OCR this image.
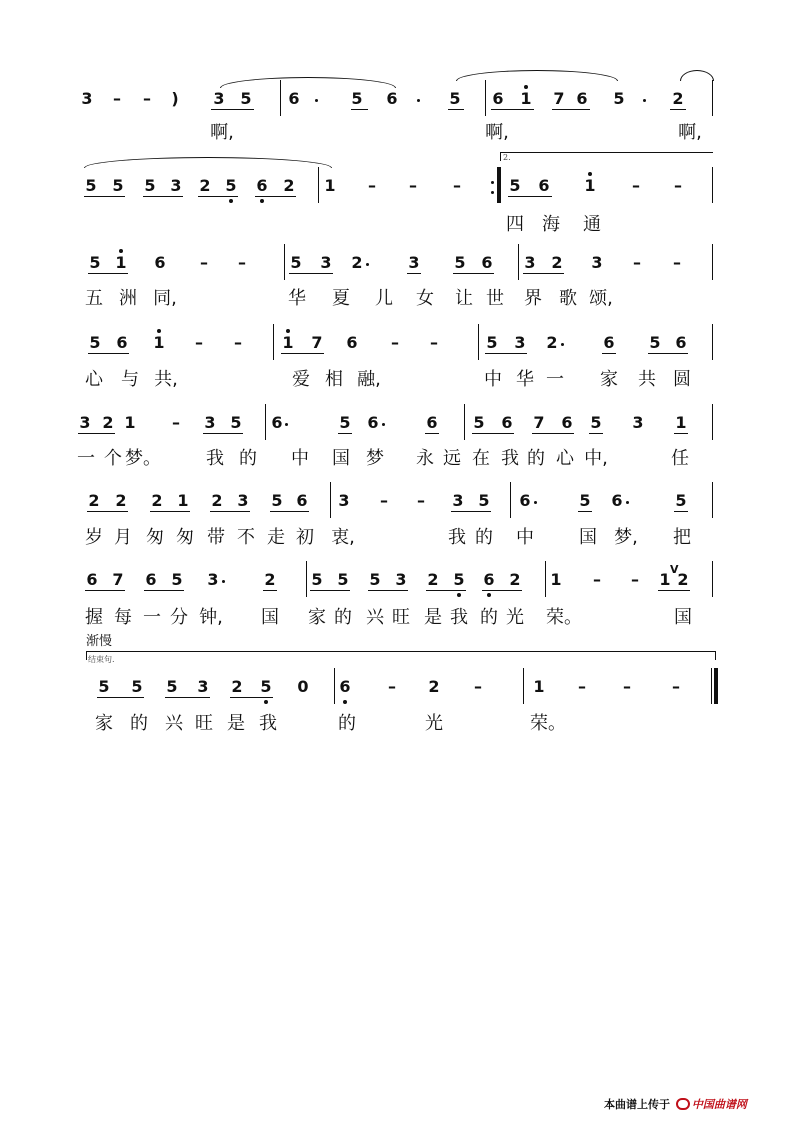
渐慢
2.
结束句.
V
本曲谱上传于 中国曲谱网
3 – – ) 3 5 6	5 6	5 6 1 7 6 5	2
啊,	啊,	啊,
5 5 5 3 2 5 6 2 1 – – –	5 6 1 – –
四 海 通
5 1 6 – –	5 3 2	3 5 6 3 2 3 – –
五 洲 同,	华 夏 儿 女 让 世 界 歌 颂,
5 6 1 – –	1 7 6 – –	5 3 2	6 5 6
心 与 共,	爱 相 融,	中 华 一 家 共 圆
3 2 1 – 3 5 6	5 6	6 5 6 7 6 5 3 1
一 个 梦。	我 的 中 国 梦 永 远 在 我 的 心 中,	任
2 2 2 1 2 3 5 6 3 – – 3 5 6	5 6	5
岁 月 匆 匆 带 不 走 初 衷,	我 的 中	国 梦, 把
6 7 6 5 3	2 5 5 5 3 2 5 6 2 1 – – 1 2
握 每 一 分 钟, 国 家 的 兴 旺 是 我 的 光 荣。	国
5 5 5 3 2 5 0 6 – 2 –	1 – –	–
家 的 兴 旺 是 我	的	光	荣。
